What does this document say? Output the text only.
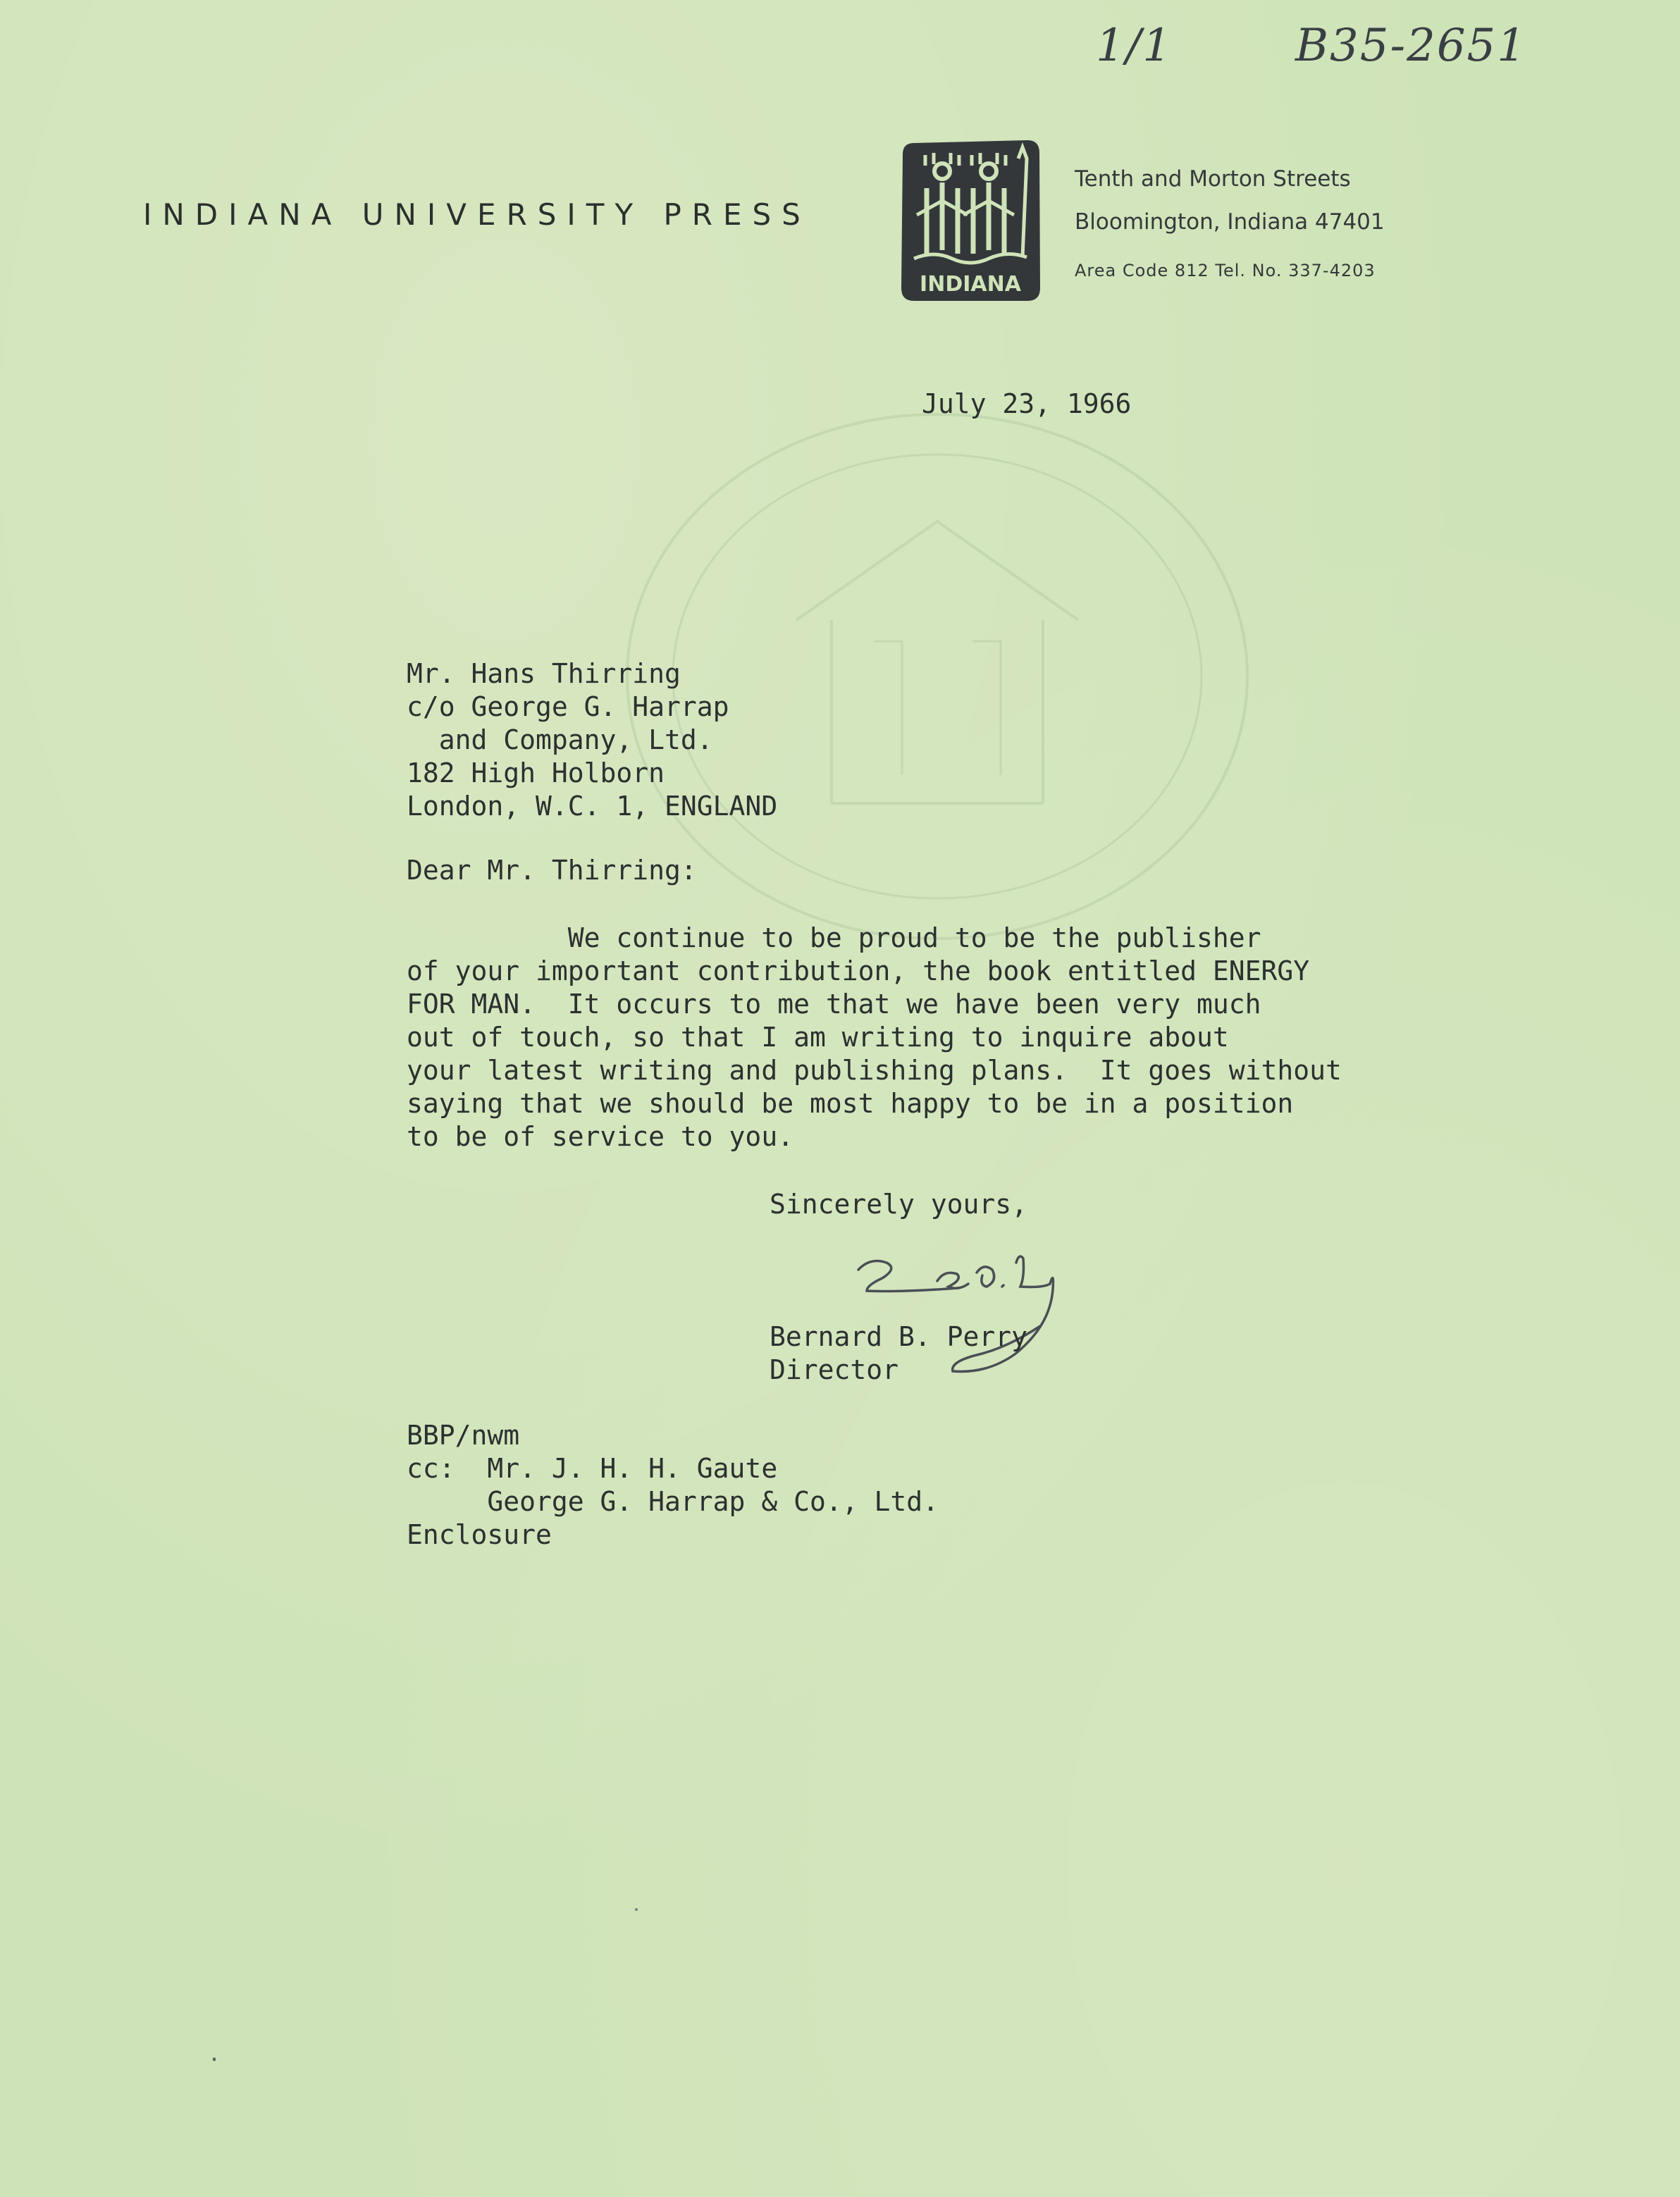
1/1	B35-2651
INDIANA UNIVERSITY PRESS
INDIANA
Tenth and Morton Streets
Bloomington, Indiana 47401
Area Code 812 Tel. No. 337-4203
July 23, 1966
Mr. Hans Thirring
c/o George G. Harrap
and Company, Ltd.
182 High Holborn
London, W.C. 1, ENGLAND
Dear Mr. Thirring:
We continue to be proud to be the publisher
of your important contribution, the book entitled ENERGY
FOR MAN.  It occurs to me that we have been very much
out of touch, so that I am writing to inquire about
your latest writing and publishing plans.  It goes without
saying that we should be most happy to be in a position
to be of service to you.
Sincerely yours,
Bernard B. Perry
Director
BBP/nwm
cc:  Mr. J. H. H. Gaute
George G. Harrap & Co., Ltd.
Enclosure
